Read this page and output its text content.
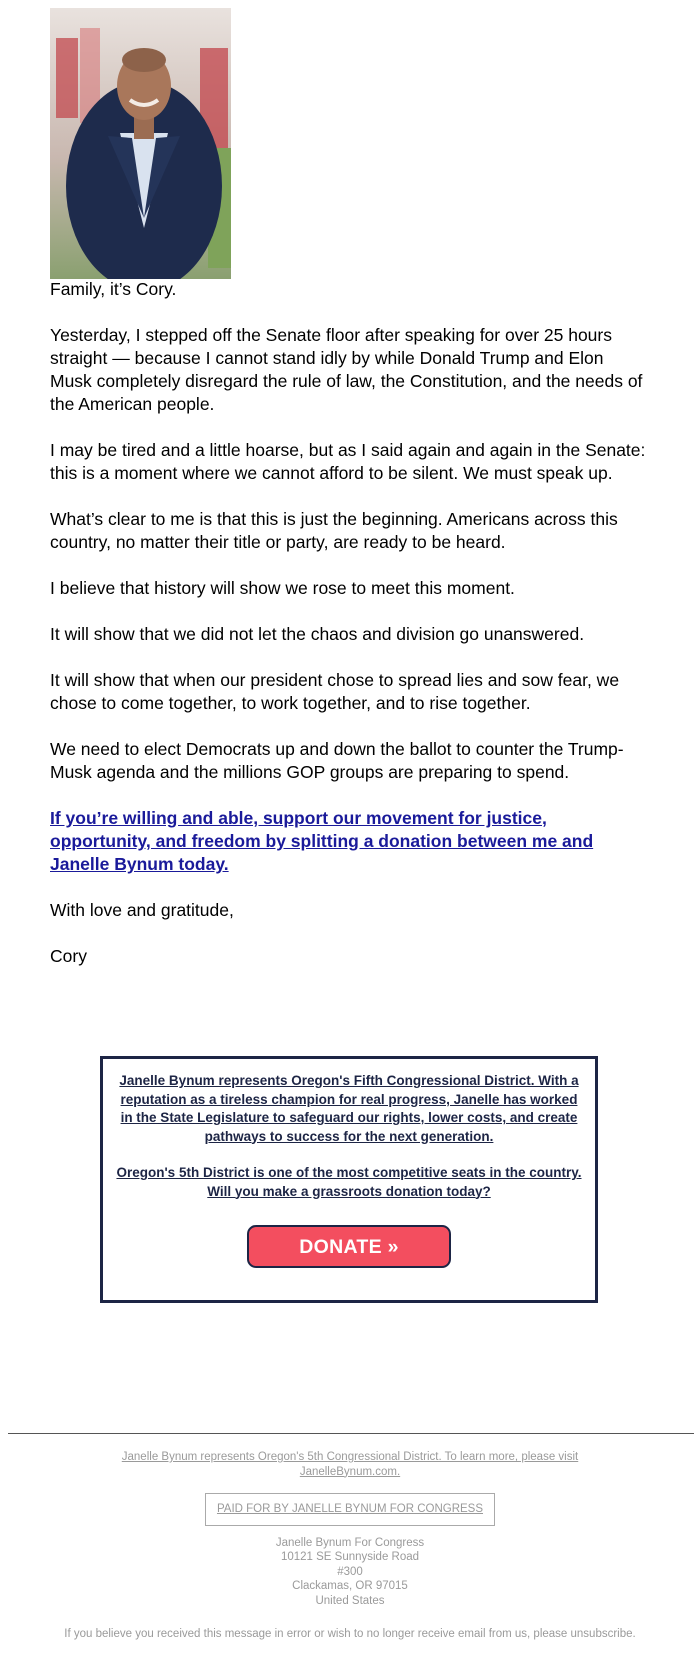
Family, it’s Cory.

Yesterday, I stepped off the Senate floor after speaking for over 25 hours straight — because I cannot stand idly by while Donald Trump and Elon Musk completely disregard the rule of law, the Constitution, and the needs of the American people.

I may be tired and a little hoarse, but as I said again and again in the Senate: this is a moment where we cannot afford to be silent. We must speak up.

What’s clear to me is that this is just the beginning. Americans across this country, no matter their title or party, are ready to be heard.

I believe that history will show we rose to meet this moment.

It will show that we did not let the chaos and division go unanswered.

It will show that when our president chose to spread lies and sow fear, we chose to come together, to work together, and to rise together.

We need to elect Democrats up and down the ballot to counter the Trump-Musk agenda and the millions GOP groups are preparing to spend.

If you’re willing and able, support our movement for justice, opportunity, and freedom by splitting a donation between me and Janelle Bynum today.

With love and gratitude,

Cory

Janelle Bynum represents Oregon's Fifth Congressional District. With a reputation as a tireless champion for real progress, Janelle has worked in the State Legislature to safeguard our rights, lower costs, and create pathways to success for the next generation.
Oregon's 5th District is one of the most competitive seats in the country. Will you make a grassroots donation today?
DONATE »
Janelle Bynum represents Oregon's 5th Congressional District. To learn more, please visit JanelleBynum.com.
PAID FOR BY JANELLE BYNUM FOR CONGRESS
Janelle Bynum For Congress
10121 SE Sunnyside Road
#300
Clackamas, OR 97015
United States
If you believe you received this message in error or wish to no longer receive email from us, please unsubscribe.
